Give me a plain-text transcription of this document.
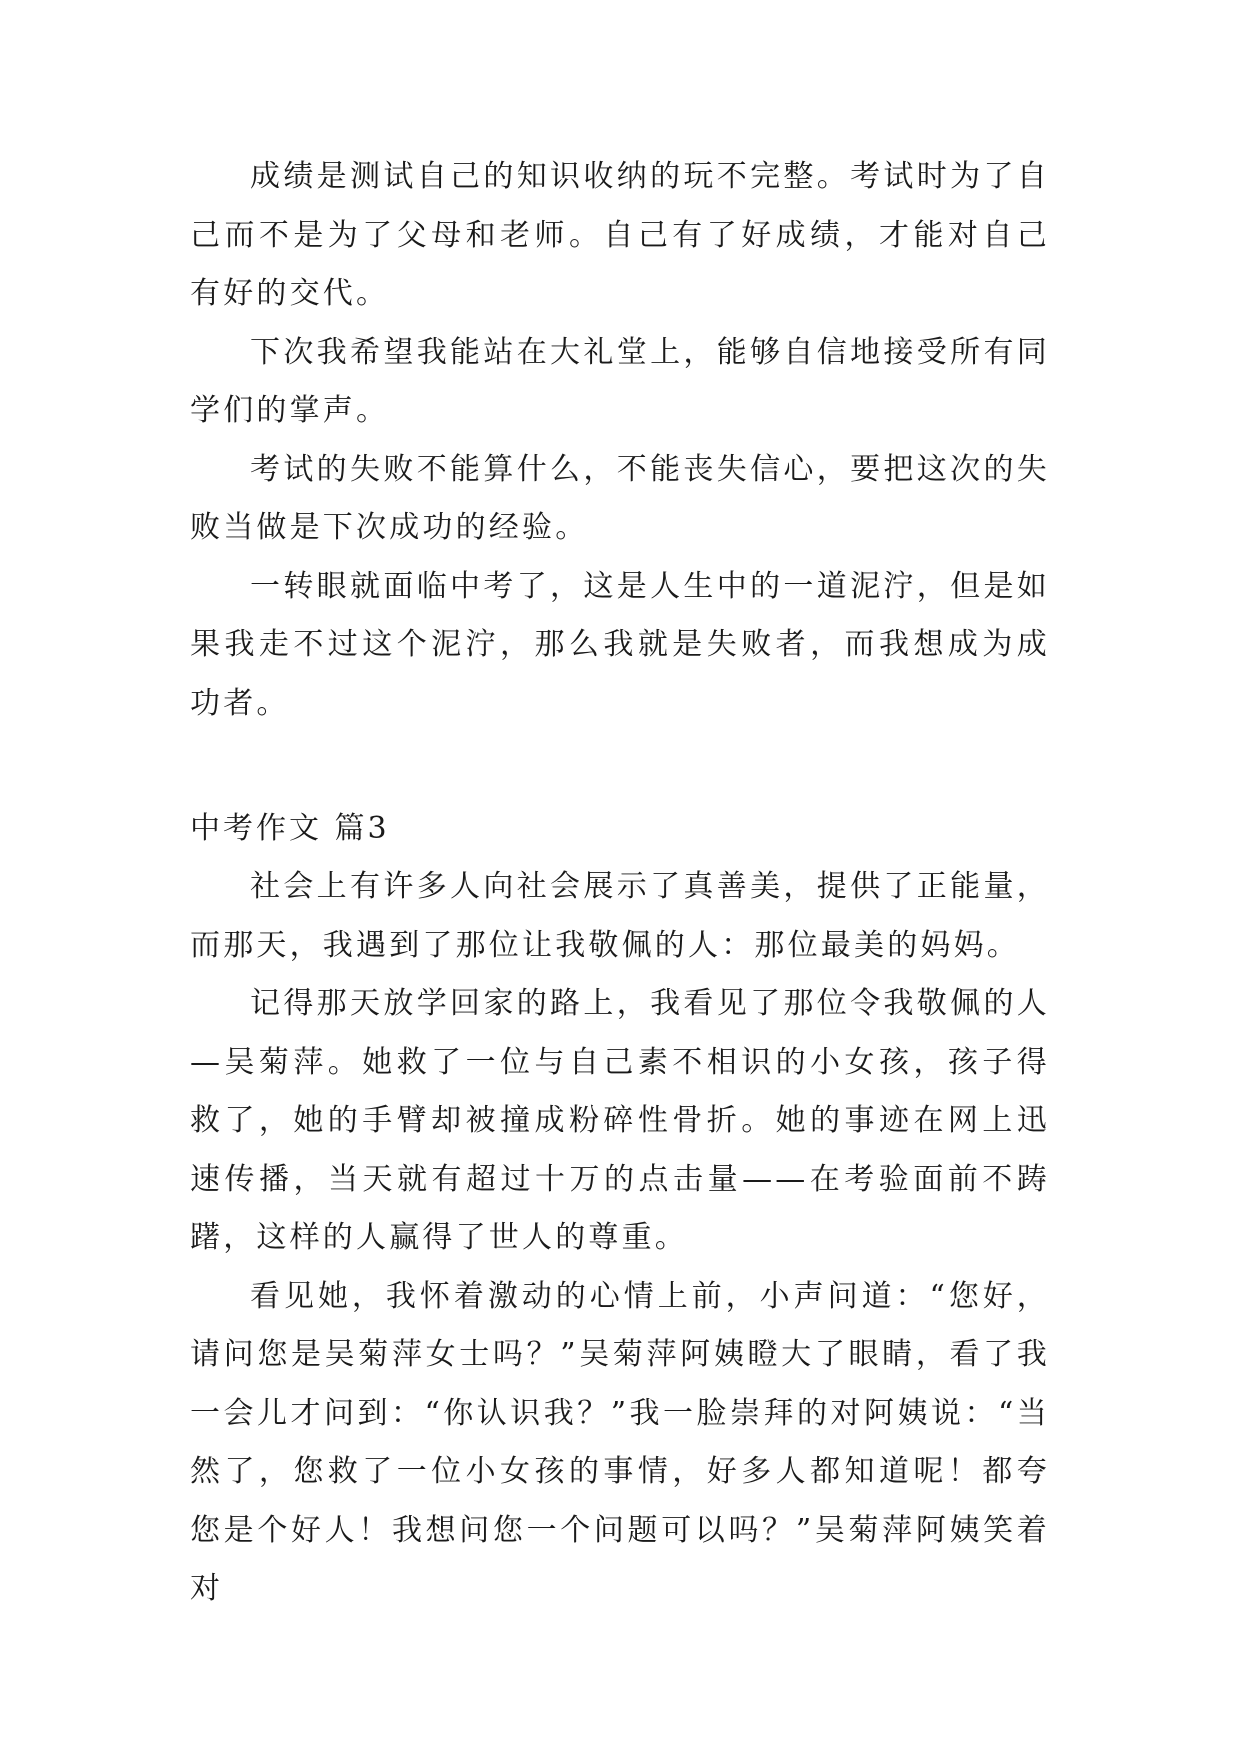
成绩是测试自己的知识收纳的玩不完整。考试时为了自己而不是为了父母和老师。自己有了好成绩，才能对自己有好的交代。

下次我希望我能站在大礼堂上，能够自信地接受所有同学们的掌声。

考试的失败不能算什么，不能丧失信心，要把这次的失败当做是下次成功的经验。

一转眼就面临中考了，这是人生中的一道泥泞，但是如果我走不过这个泥泞，那么我就是失败者，而我想成为成功者。

中考作文 篇3

社会上有许多人向社会展示了真善美，提供了正能量，而那天，我遇到了那位让我敬佩的人：那位最美的妈妈。

记得那天放学回家的路上，我看见了那位令我敬佩的人—吴菊萍。她救了一位与自己素不相识的小女孩，孩子得救了，她的手臂却被撞成粉碎性骨折。她的事迹在网上迅速传播，当天就有超过十万的点击量——在考验面前不踌躇，这样的人赢得了世人的尊重。

看见她，我怀着激动的心情上前，小声问道：“您好，请问您是吴菊萍女士吗？”吴菊萍阿姨瞪大了眼睛，看了我一会儿才问到：“你认识我？”我一脸崇拜的对阿姨说：“当然了，您救了一位小女孩的事情，好多人都知道呢！都夸您是个好人！我想问您一个问题可以吗？”吴菊萍阿姨笑着对
